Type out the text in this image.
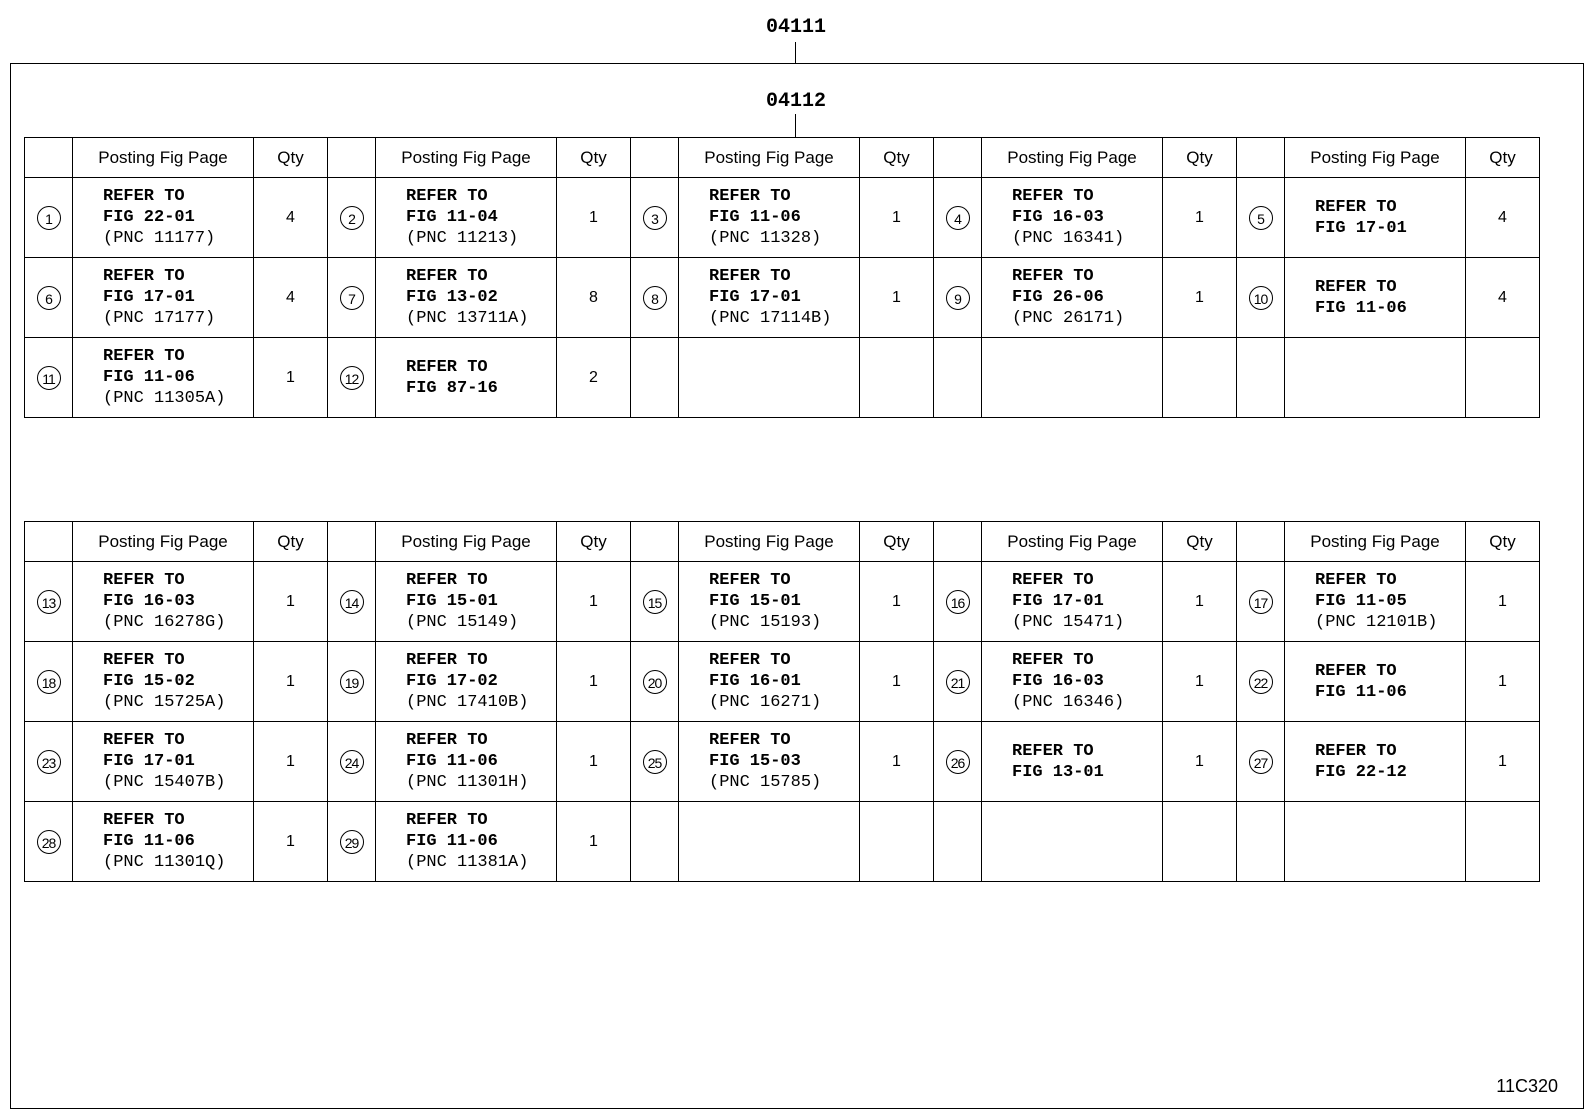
04111
04112
	Posting Fig Page	Qty		Posting Fig Page	Qty		Posting Fig Page	Qty		Posting Fig Page	Qty		Posting Fig Page	Qty
1	REFER TO
FIG 22-01
(PNC 11177)	4	2	REFER TO
FIG 11-04
(PNC 11213)	1	3	REFER TO
FIG 11-06
(PNC 11328)	1	4	REFER TO
FIG 16-03
(PNC 16341)	1	5	REFER TO
FIG 17-01	4
6	REFER TO
FIG 17-01
(PNC 17177)	4	7	REFER TO
FIG 13-02
(PNC 13711A)	8	8	REFER TO
FIG 17-01
(PNC 17114B)	1	9	REFER TO
FIG 26-06
(PNC 26171)	1	10	REFER TO
FIG 11-06	4
11	REFER TO
FIG 11-06
(PNC 11305A)	1	12	REFER TO
FIG 87-16	2									
	Posting Fig Page	Qty		Posting Fig Page	Qty		Posting Fig Page	Qty		Posting Fig Page	Qty		Posting Fig Page	Qty
13	REFER TO
FIG 16-03
(PNC 16278G)	1	14	REFER TO
FIG 15-01
(PNC 15149)	1	15	REFER TO
FIG 15-01
(PNC 15193)	1	16	REFER TO
FIG 17-01
(PNC 15471)	1	17	REFER TO
FIG 11-05
(PNC 12101B)	1
18	REFER TO
FIG 15-02
(PNC 15725A)	1	19	REFER TO
FIG 17-02
(PNC 17410B)	1	20	REFER TO
FIG 16-01
(PNC 16271)	1	21	REFER TO
FIG 16-03
(PNC 16346)	1	22	REFER TO
FIG 11-06	1
23	REFER TO
FIG 17-01
(PNC 15407B)	1	24	REFER TO
FIG 11-06
(PNC 11301H)	1	25	REFER TO
FIG 15-03
(PNC 15785)	1	26	REFER TO
FIG 13-01	1	27	REFER TO
FIG 22-12	1
28	REFER TO
FIG 11-06
(PNC 11301Q)	1	29	REFER TO
FIG 11-06
(PNC 11381A)	1									
11C320
